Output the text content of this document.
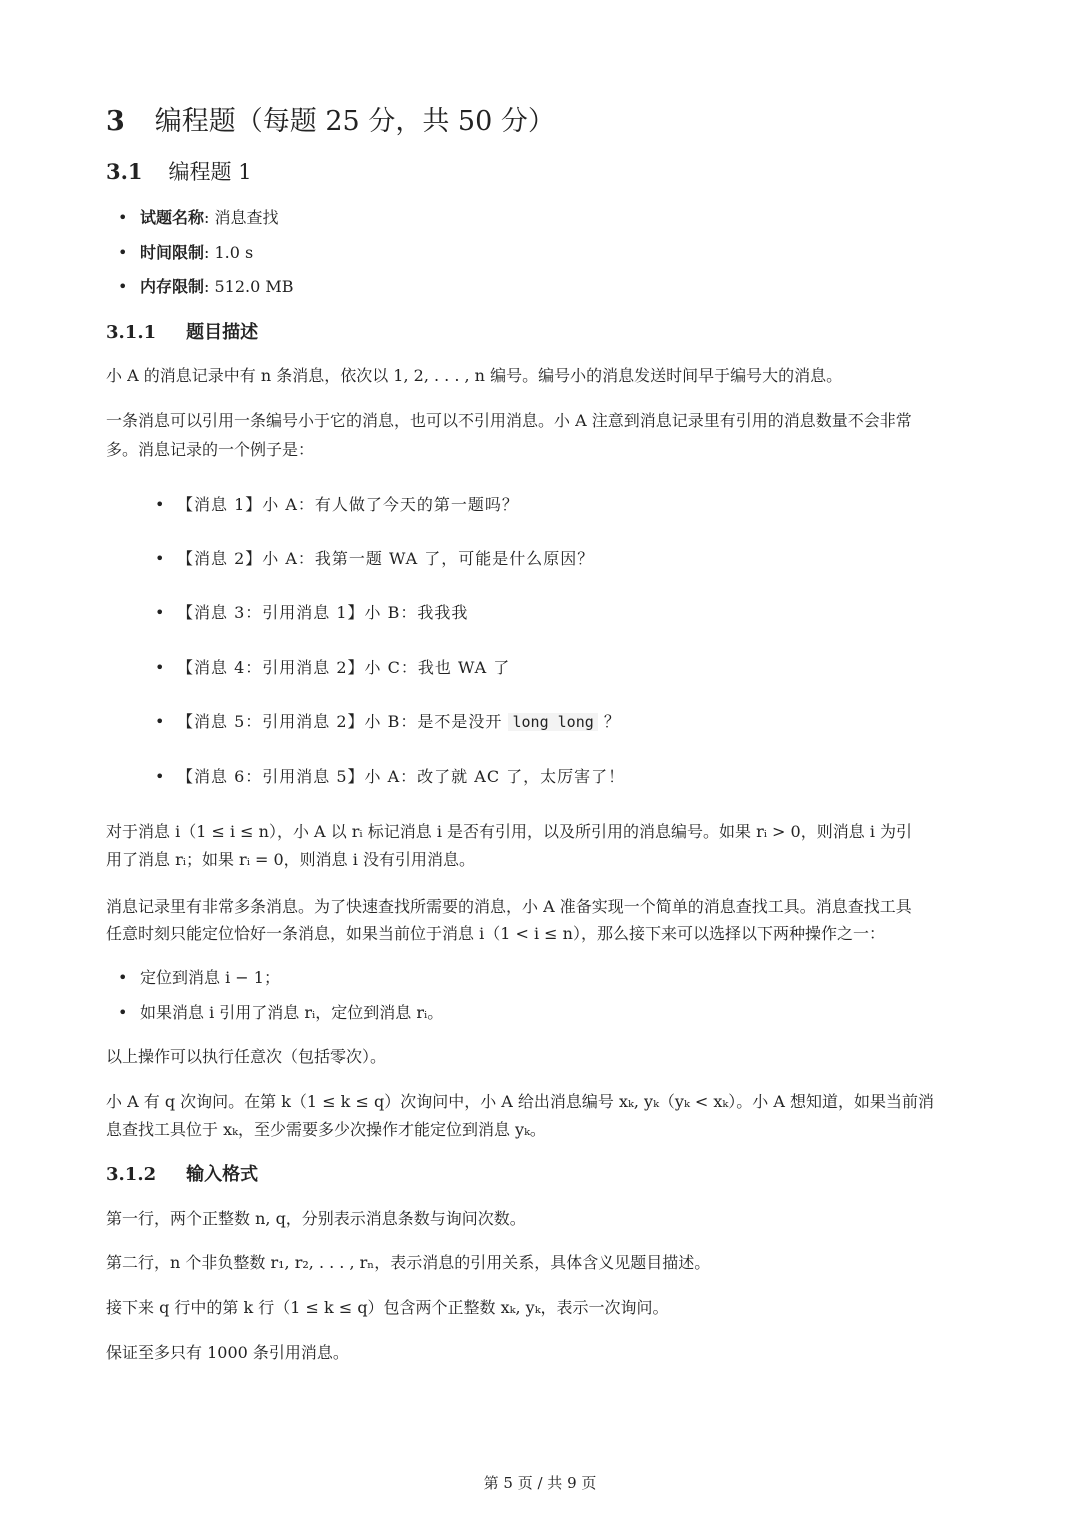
3 编程题（每题 25 分，共 50 分）
3.1 编程题 1
• 试题名称: 消息查找
• 时间限制: 1.0 s
• 内存限制: 512.0 MB
3.1.1 题目描述
小 A 的消息记录中有 n 条消息，依次以 1, 2, . . . , n 编号。编号小的消息发送时间早于编号大的消息。
一条消息可以引用一条编号小于它的消息，也可以不引用消息。小 A 注意到消息记录里有引用的消息数量不会非常
多。消息记录的一个例子是：
• 【消息 1】小 A：有人做了今天的第一题吗？
• 【消息 2】小 A：我第一题 WA 了，可能是什么原因？
• 【消息 3：引用消息 1】小 B：我我我
• 【消息 4：引用消息 2】小 C：我也 WA 了
• 【消息 5：引用消息 2】小 B：是不是没开 long long ？
• 【消息 6：引用消息 5】小 A：改了就 AC 了，太厉害了！
对于消息 i（1 ≤ i ≤ n），小 A 以 rᵢ 标记消息 i 是否有引用，以及所引用的消息编号。如果 rᵢ > 0，则消息 i 为引
用了消息 rᵢ；如果 rᵢ = 0，则消息 i 没有引用消息。
消息记录里有非常多条消息。为了快速查找所需要的消息，小 A 准备实现一个简单的消息查找工具。消息查找工具
任意时刻只能定位恰好一条消息，如果当前位于消息 i（1 < i ≤ n），那么接下来可以选择以下两种操作之一：
• 定位到消息 i − 1；
• 如果消息 i 引用了消息 rᵢ，定位到消息 rᵢ。
以上操作可以执行任意次（包括零次）。
小 A 有 q 次询问。在第 k（1 ≤ k ≤ q）次询问中，小 A 给出消息编号 xₖ, yₖ（yₖ < xₖ）。小 A 想知道，如果当前消
息查找工具位于 xₖ，至少需要多少次操作才能定位到消息 yₖ。
3.1.2 输入格式
第一行，两个正整数 n, q，分别表示消息条数与询问次数。
第二行，n 个非负整数 r₁, r₂, . . . , rₙ，表示消息的引用关系，具体含义见题目描述。
接下来 q 行中的第 k 行（1 ≤ k ≤ q）包含两个正整数 xₖ, yₖ，表示一次询问。
保证至多只有 1000 条引用消息。
第 5 页 / 共 9 页
